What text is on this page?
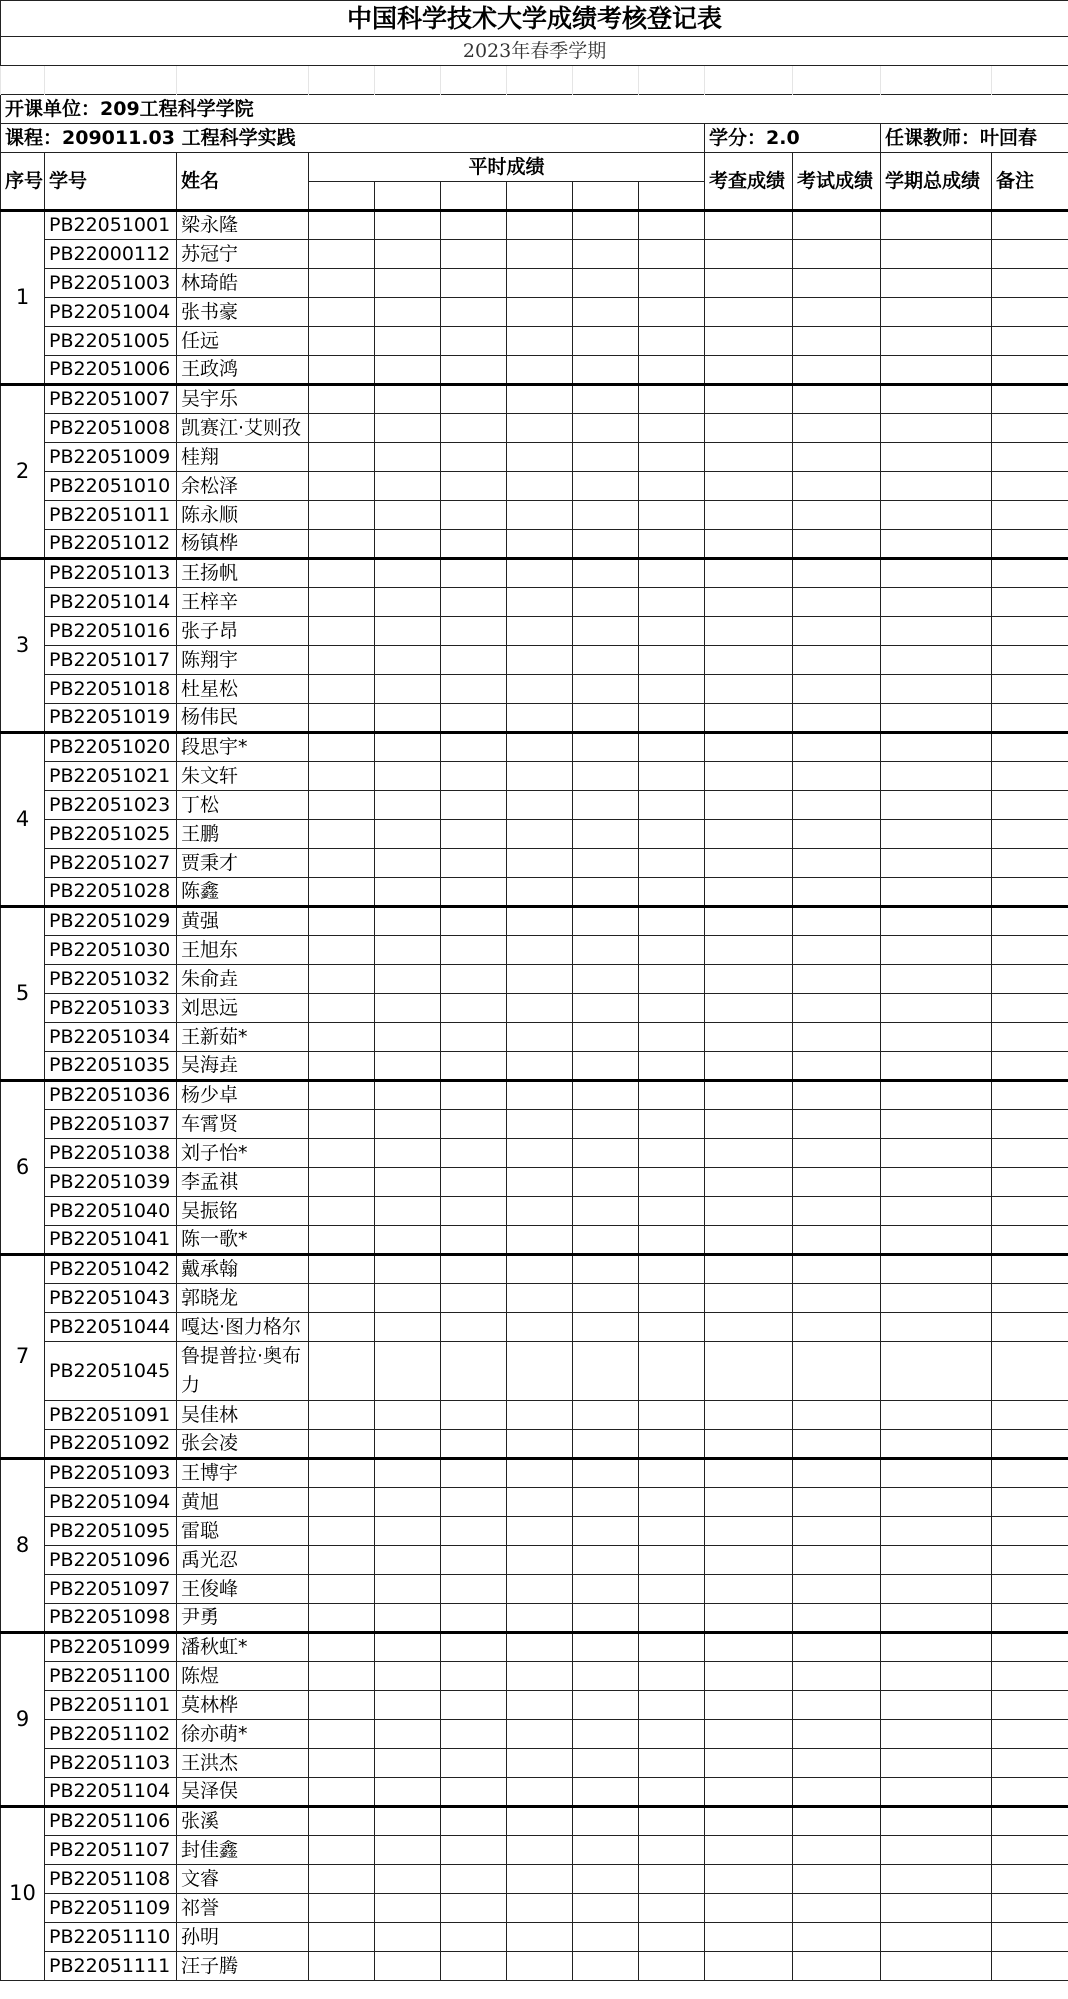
中国科学技术大学成绩考核登记表												
2023年春季学期												

开课单位：209工程科学学院												
课程：209011.03 工程科学实践									学分：2.0		任课教师：叶回春	
序号	学号	姓名	平时成绩						考查成绩	考试成绩	学期总成绩	备注

1	PB22051001	梁永隆										
	PB22000112	苏冠宁										
	PB22051003	林琦皓										
	PB22051004	张书豪										
	PB22051005	任远										
	PB22051006	王政鸿										
2	PB22051007	吴宇乐										
	PB22051008	凯赛江·艾则孜										
	PB22051009	桂翔										
	PB22051010	余松泽										
	PB22051011	陈永顺										
	PB22051012	杨镇桦										
3	PB22051013	王扬帆										
	PB22051014	王梓辛										
	PB22051016	张子昂										
	PB22051017	陈翔宇										
	PB22051018	杜星松										
	PB22051019	杨伟民										
4	PB22051020	段思宇*										
	PB22051021	朱文轩										
	PB22051023	丁松										
	PB22051025	王鹏										
	PB22051027	贾秉才										
	PB22051028	陈鑫										
5	PB22051029	黄强										
	PB22051030	王旭东										
	PB22051032	朱俞垚										
	PB22051033	刘思远										
	PB22051034	王新茹*										
	PB22051035	吴海垚										
6	PB22051036	杨少卓										
	PB22051037	车霄贤										
	PB22051038	刘子怡*										
	PB22051039	李孟祺										
	PB22051040	吴振铭										
	PB22051041	陈一歌*										
7	PB22051042	戴承翰										
	PB22051043	郭晓龙										
	PB22051044	嘎达·图力格尔										
	PB22051045	鲁提普拉·奥布力										
	PB22051091	吴佳林										
	PB22051092	张会凌										
8	PB22051093	王博宇										
	PB22051094	黄旭										
	PB22051095	雷聪										
	PB22051096	禹光忍										
	PB22051097	王俊峰										
	PB22051098	尹勇										
9	PB22051099	潘秋虹*										
	PB22051100	陈煜										
	PB22051101	莫林桦										
	PB22051102	徐亦萌*										
	PB22051103	王洪杰										
	PB22051104	吴泽俣										
10	PB22051106	张溪										
	PB22051107	封佳鑫										
	PB22051108	文睿										
	PB22051109	祁誉										
	PB22051110	孙明										
	PB22051111	汪子腾										
